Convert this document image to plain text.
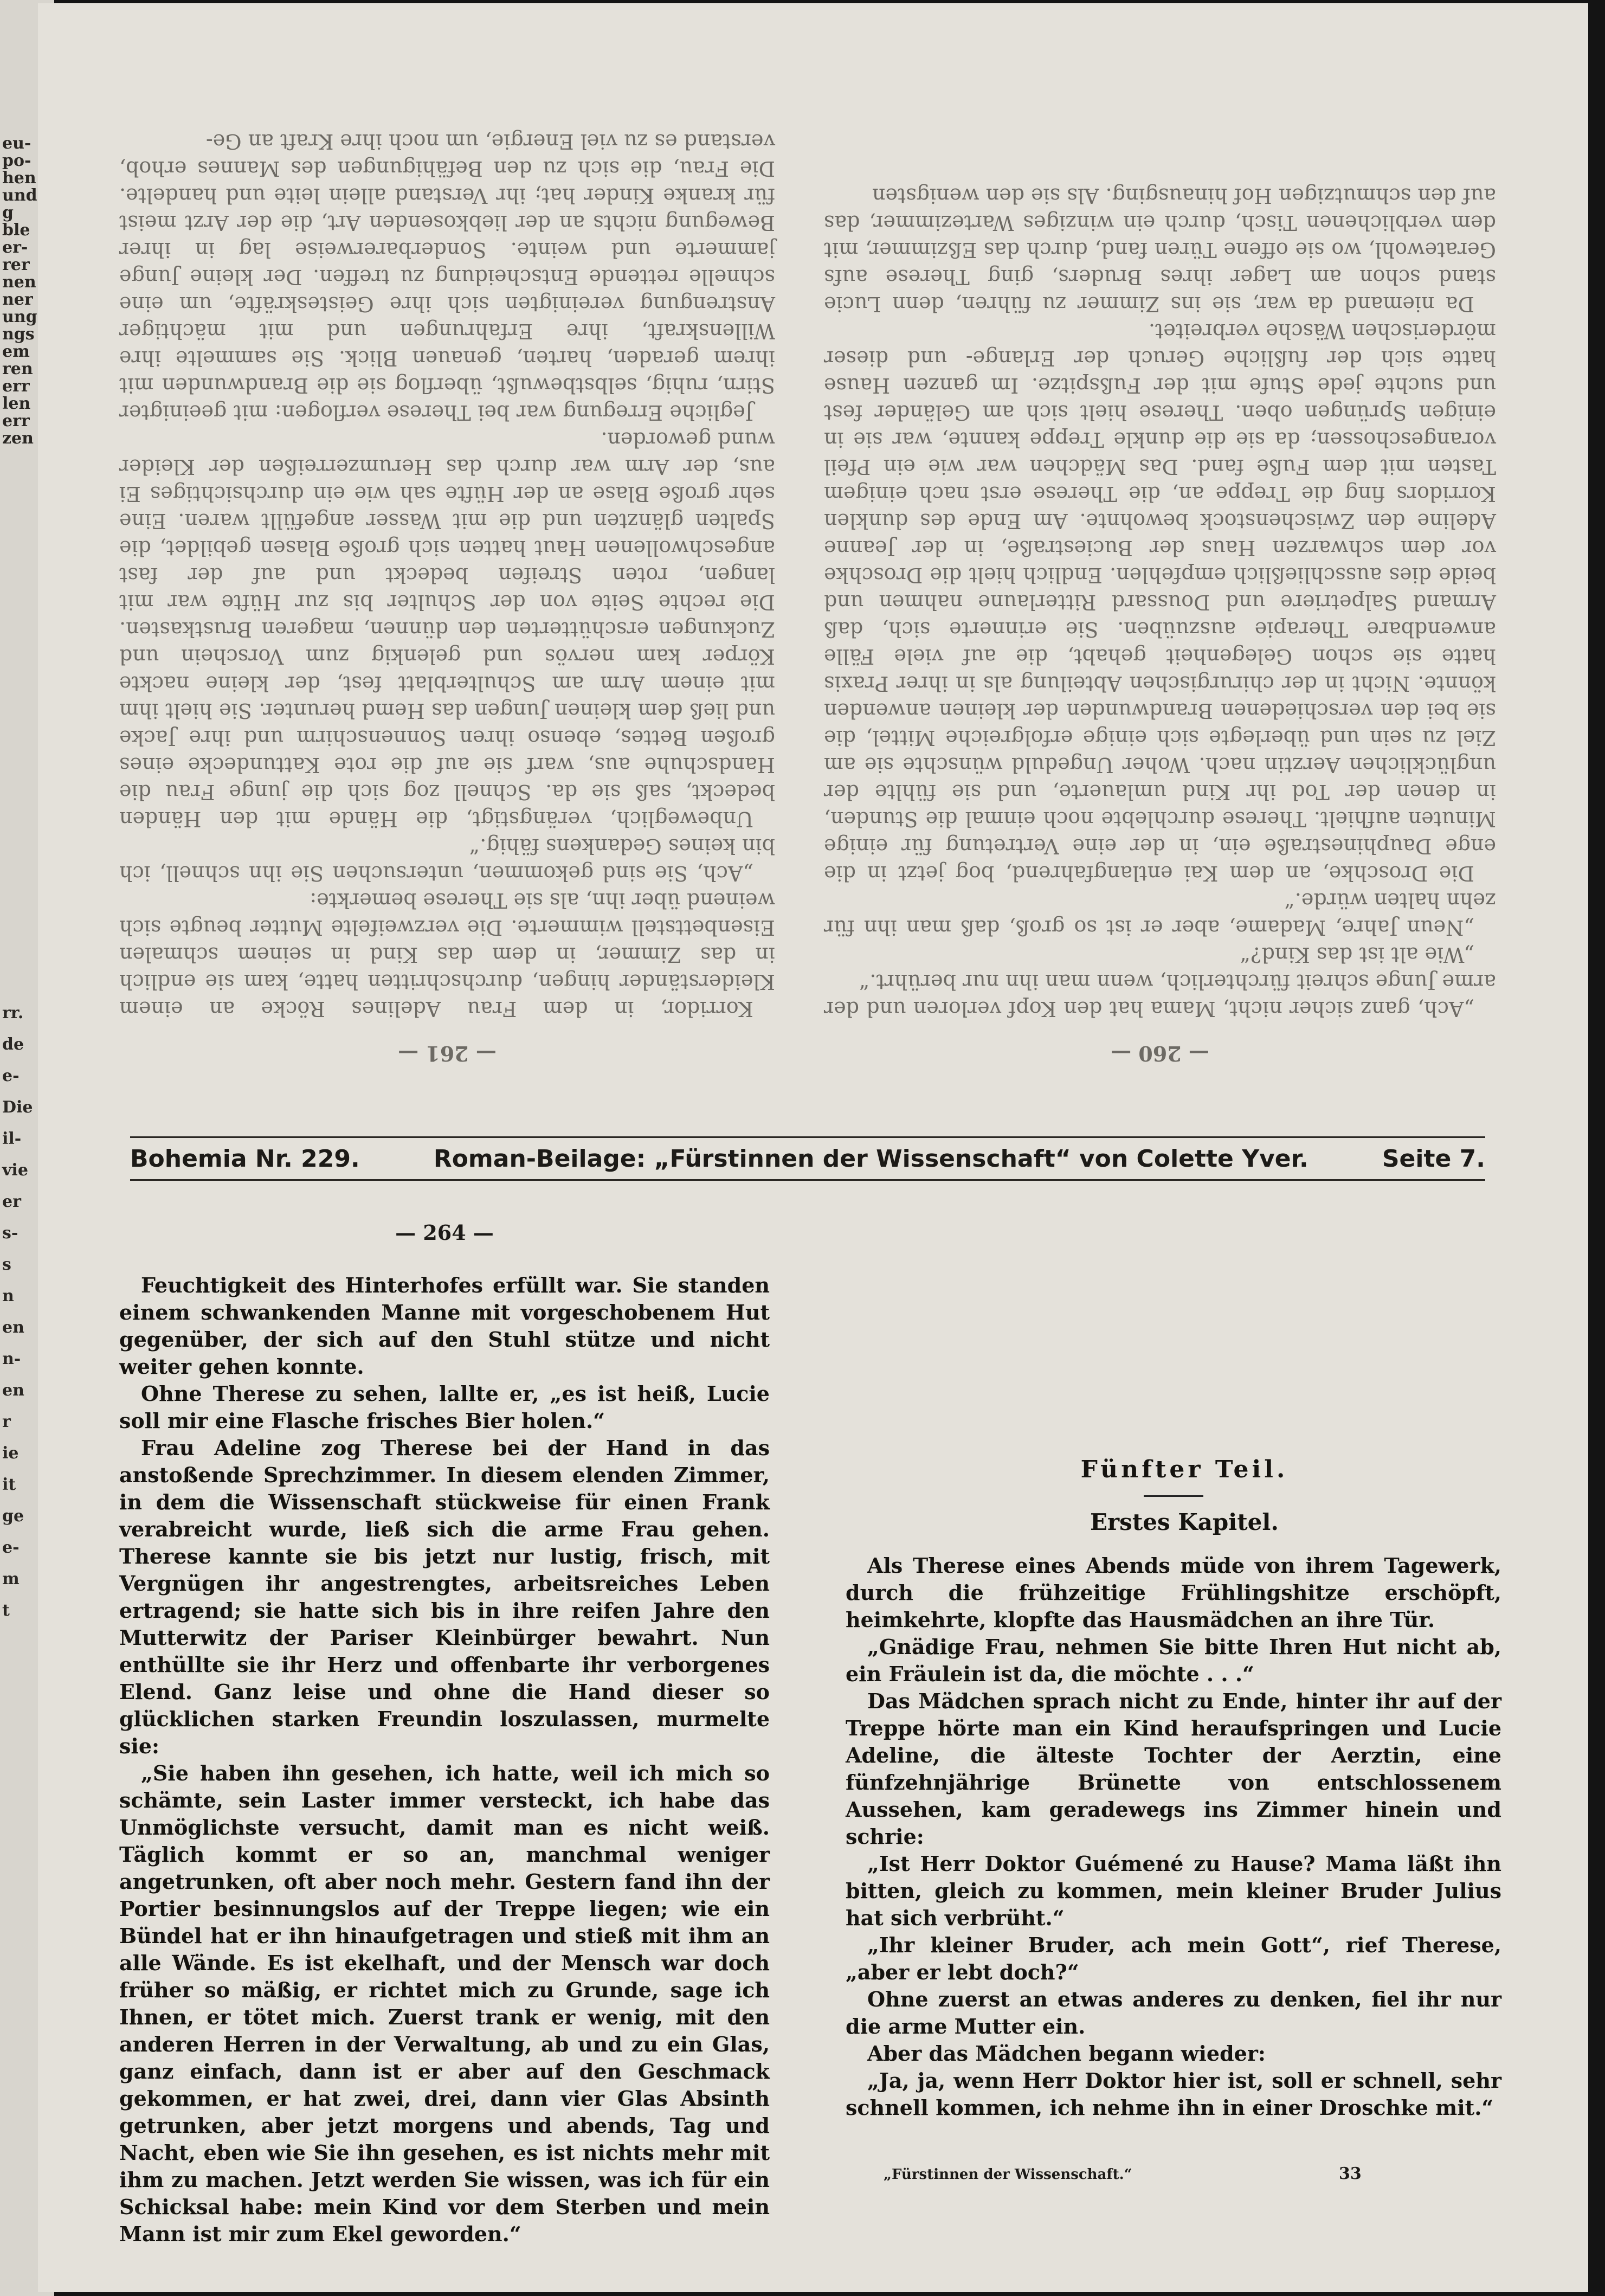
eu-
po-
hen
und
g
ble
er-
rer
nen
ner
ung
ngs
em
ren
err
len
err
zen
rr.
de
e-
Die
il-
vie
er
s-
s
n
en
n-
en
r
ie
it
ge
e-
m
t
— 260 —

„Ach, ganz sicher nicht, Mama hat den Kopf verloren und der arme Junge schreit fürchterlich, wenn man ihn nur berührt.“

„Wie alt ist das Kind?“

„Neun Jahre, Madame, aber er ist so groß, daß man ihn für zehn halten würde.“

Die Droschke, an dem Kai entlangfahrend, bog jetzt in die enge Dauphinestraße ein, in der eine Vertretung für einige Minuten aufhielt. Therese durchlebte noch einmal die Stunden, in denen der Tod ihr Kind umlauerte, und sie fühlte der unglücklichen Aerztin nach. Woher Ungeduld wünschte sie am Ziel zu sein und überlegte sich einige erfolgreiche Mittel, die sie bei den verschiedenen Brandwunden der kleinen anwenden könnte. Nicht in der chirurgischen Abteilung als in ihrer Praxis hatte sie schon Gelegenheit gehabt, die auf viele Fälle anwendbare Therapie auszuüben. Sie erinnerte sich, daß Armand Salpetriere und Doussard Ritterlaune nahmen und beide dies ausschließlich empfehlen. Endlich hielt die Droschke vor dem schwarzen Haus der Buciestraße, in der Jeanne Adeline den Zwischenstock bewohnte. Am Ende des dunklen Korridors fing die Treppe an, die Therese erst nach einigem Tasten mit dem Fuße fand. Das Mädchen war wie ein Pfeil vorangeschossen; da sie die dunkle Treppe kannte, war sie in einigen Sprüngen oben. Therese hielt sich am Geländer fest und suchte jede Stufe mit der Fußspitze. Im ganzen Hause hatte sich der fußliche Geruch der Erlange- und dieser mörderischen Wäsche verbreitet.

Da niemand da war, sie ins Zimmer zu führen, denn Lucie stand schon am Lager ihres Bruders, ging Therese aufs Geratewohl, wo sie offene Türen fand, durch das Eßzimmer, mit dem verblichenen Tisch, durch ein winziges Wartezimmer, das auf den schmutzigen Hof hinausging. Als sie den wenigsten

— 261 —

Korridor, in dem Frau Adelines Röcke an einem Kleiderständer hingen, durchschritten hatte, kam sie endlich in das Zimmer, in dem das Kind in seinem schmalen Eisenbettstell wimmerte. Die verzweifelte Mutter beugte sich weinend über ihn, als sie Therese bemerkte:

„Ach, Sie sind gekommen, untersuchen Sie ihn schnell, ich bin keines Gedankens fähig.“

Unbeweglich, verängstigt, die Hände mit den Händen bedeckt, saß sie da. Schnell zog sich die junge Frau die Handschuhe aus, warf sie auf die rote Kattundecke eines großen Bettes, ebenso ihren Sonnenschirm und ihre Jacke und ließ dem kleinen Jungen das Hemd herunter. Sie hielt ihm mit einem Arm am Schulterblatt fest, der kleine nackte Körper kam nervös und gelenkig zum Vorschein und Zuckungen erschütterten den dünnen, mageren Brustkasten. Die rechte Seite von der Schulter bis zur Hüfte war mit langen, roten Streifen bedeckt und auf der fast angeschwollenen Haut hatten sich große Blasen gebildet, die Spalten glänzten und die mit Wasser angefüllt waren. Eine sehr große Blase an der Hüfte sah wie ein durchsichtiges Ei aus, der Arm war durch das Herumzerreißen der Kleider wund geworden.

Jegliche Erregung war bei Therese verflogen: mit geeinigter Stirn, ruhig, selbstbewußt, überflog sie die Brandwunden mit ihrem geraden, harten, genauen Blick. Sie sammelte ihre Willenskraft, ihre Erfahrungen und mit mächtiger Anstrengung vereinigten sich ihre Geisteskräfte, um eine schnelle rettende Entscheidung zu treffen. Der kleine Junge jammerte und weinte. Sonderbarerweise lag in ihrer Bewegung nichts an der liebkosenden Art, die der Arzt meist für kranke Kinder hat; ihr Verstand allein leite und handelte. Die Frau, die sich zu den Befähigungen des Mannes erhob, verstand es zu viel Energie, um noch ihre Kraft an Ge-

Bohemia Nr. 229.	Roman-Beilage: „Fürstinnen der Wissenschaft“ von Colette Yver.	Seite 7.
— 264 —

Feuchtigkeit des Hinterhofes erfüllt war. Sie standen einem schwankenden Manne mit vorgeschobenem Hut gegenüber, der sich auf den Stuhl stütze und nicht weiter gehen konnte.

Ohne Therese zu sehen, lallte er, „es ist heiß, Lucie soll mir eine Flasche frisches Bier holen.“

Frau Adeline zog Therese bei der Hand in das anstoßende Sprechzimmer. In diesem elenden Zimmer, in dem die Wissenschaft stückweise für einen Frank verabreicht wurde, ließ sich die arme Frau gehen. Therese kannte sie bis jetzt nur lustig, frisch, mit Vergnügen ihr angestrengtes, arbeitsreiches Leben ertragend; sie hatte sich bis in ihre reifen Jahre den Mutterwitz der Pariser Kleinbürger bewahrt. Nun enthüllte sie ihr Herz und offenbarte ihr verborgenes Elend. Ganz leise und ohne die Hand dieser so glücklichen starken Freundin loszulassen, murmelte sie:

„Sie haben ihn gesehen, ich hatte, weil ich mich so schämte, sein Laster immer versteckt, ich habe das Unmöglichste versucht, damit man es nicht weiß. Täglich kommt er so an, manchmal weniger angetrunken, oft aber noch mehr. Gestern fand ihn der Portier besinnungslos auf der Treppe liegen; wie ein Bündel hat er ihn hinaufgetragen und stieß mit ihm an alle Wände. Es ist ekelhaft, und der Mensch war doch früher so mäßig, er richtet mich zu Grunde, sage ich Ihnen, er tötet mich. Zuerst trank er wenig, mit den anderen Herren in der Verwaltung, ab und zu ein Glas, ganz einfach, dann ist er aber auf den Geschmack gekommen, er hat zwei, drei, dann vier Glas Absinth getrunken, aber jetzt morgens und abends, Tag und Nacht, eben wie Sie ihn gesehen, es ist nichts mehr mit ihm zu machen. Jetzt werden Sie wissen, was ich für ein Schicksal habe: mein Kind vor dem Sterben und mein Mann ist mir zum Ekel geworden.“

Fünfter Teil.

Erstes Kapitel.

Als Therese eines Abends müde von ihrem Tagewerk, durch die frühzeitige Frühlingshitze erschöpft, heimkehrte, klopfte das Hausmädchen an ihre Tür.

„Gnädige Frau, nehmen Sie bitte Ihren Hut nicht ab, ein Fräulein ist da, die möchte . . .“

Das Mädchen sprach nicht zu Ende, hinter ihr auf der Treppe hörte man ein Kind heraufspringen und Lucie Adeline, die älteste Tochter der Aerztin, eine fünfzehnjährige Brünette von entschlossenem Aussehen, kam geradewegs ins Zimmer hinein und schrie:

„Ist Herr Doktor Guémené zu Hause? Mama läßt ihn bitten, gleich zu kommen, mein kleiner Bruder Julius hat sich verbrüht.“

„Ihr kleiner Bruder, ach mein Gott“, rief Therese, „aber er lebt doch?“

Ohne zuerst an etwas anderes zu denken, fiel ihr nur die arme Mutter ein.

Aber das Mädchen begann wieder:

„Ja, ja, wenn Herr Doktor hier ist, soll er schnell, sehr schnell kommen, ich nehme ihn in einer Droschke mit.“

„Fürstinnen der Wissenschaft.“	33
